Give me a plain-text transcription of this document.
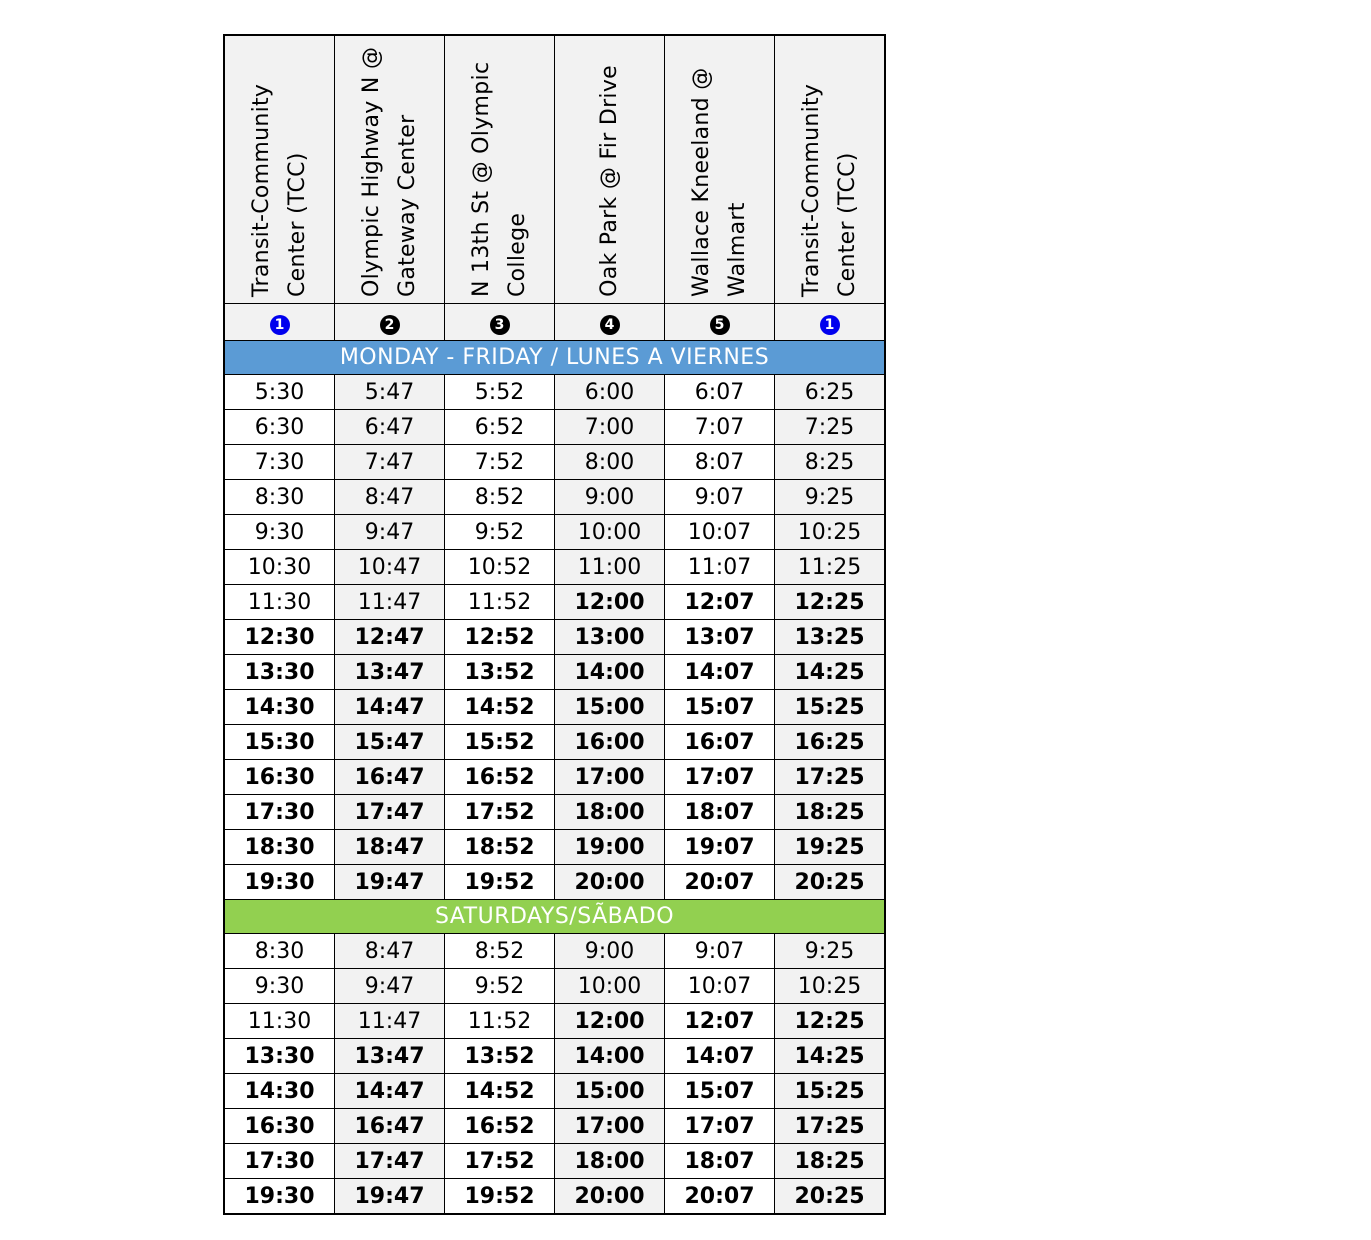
Transit-Community Center (TCC)	Olympic Highway N @ Gateway Center	N 13th St @ Olympic College	Oak Park @ Fir Drive	Wallace Kneeland @ Walmart	Transit-Community Center (TCC)
1	2	3	4	5	1
MONDAY - FRIDAY / LUNES A VIERNES					
5:30	5:47	5:52	6:00	6:07	6:25
6:30	6:47	6:52	7:00	7:07	7:25
7:30	7:47	7:52	8:00	8:07	8:25
8:30	8:47	8:52	9:00	9:07	9:25
9:30	9:47	9:52	10:00	10:07	10:25
10:30	10:47	10:52	11:00	11:07	11:25
11:30	11:47	11:52	12:00	12:07	12:25
12:30	12:47	12:52	13:00	13:07	13:25
13:30	13:47	13:52	14:00	14:07	14:25
14:30	14:47	14:52	15:00	15:07	15:25
15:30	15:47	15:52	16:00	16:07	16:25
16:30	16:47	16:52	17:00	17:07	17:25
17:30	17:47	17:52	18:00	18:07	18:25
18:30	18:47	18:52	19:00	19:07	19:25
19:30	19:47	19:52	20:00	20:07	20:25
SATURDAYS/SÃBADO					
8:30	8:47	8:52	9:00	9:07	9:25
9:30	9:47	9:52	10:00	10:07	10:25
11:30	11:47	11:52	12:00	12:07	12:25
13:30	13:47	13:52	14:00	14:07	14:25
14:30	14:47	14:52	15:00	15:07	15:25
16:30	16:47	16:52	17:00	17:07	17:25
17:30	17:47	17:52	18:00	18:07	18:25
19:30	19:47	19:52	20:00	20:07	20:25
